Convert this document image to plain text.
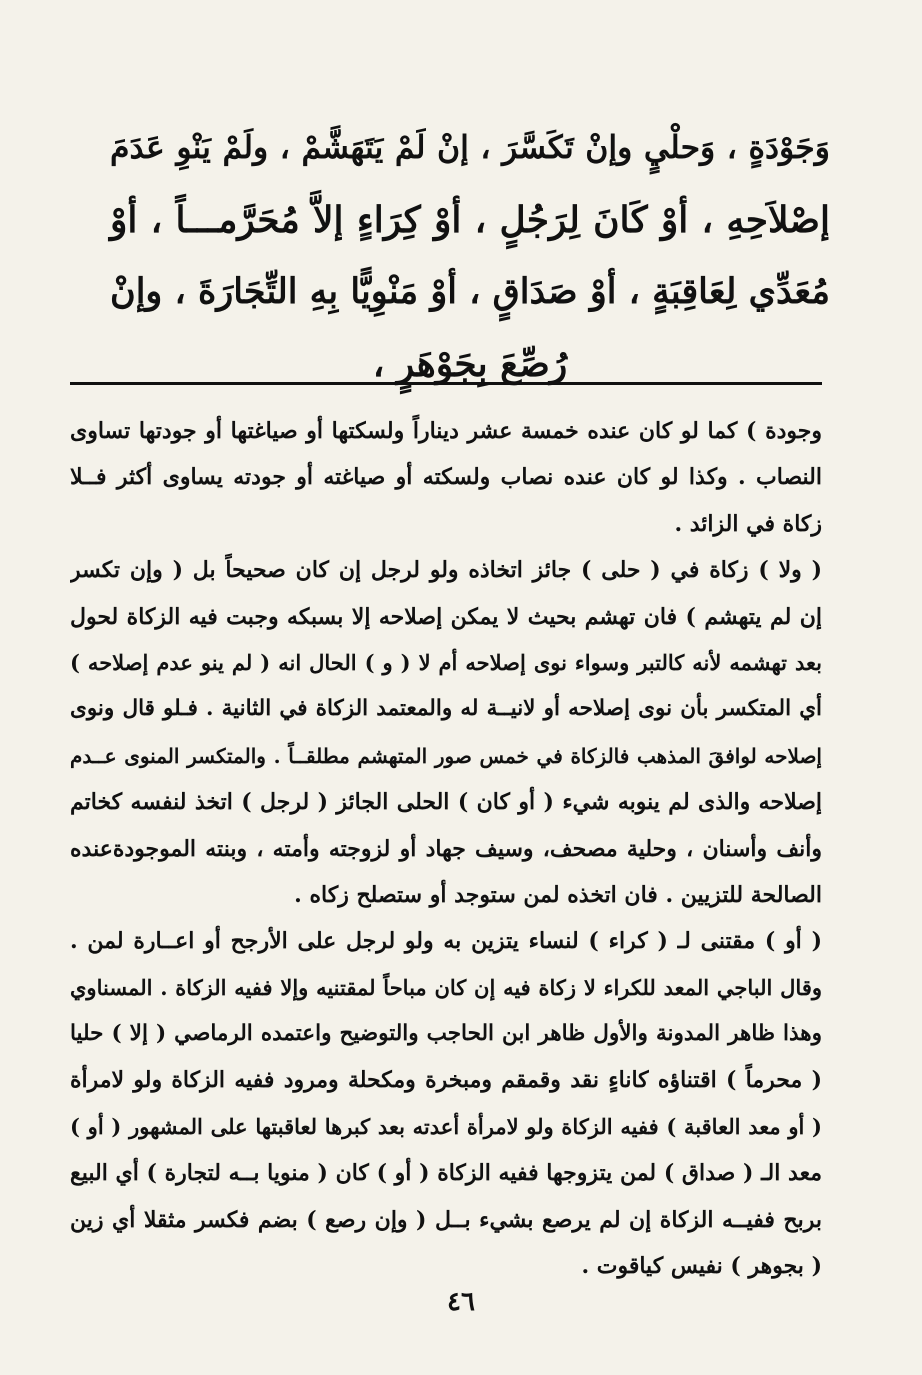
وَجَوْدَةٍ ، وَحلْيٍ وإنْ تَكَسَّرَ ، إنْ لَمْ يَتَهَشَّمْ ، ولَمْ يَنْوِ عَدَمَ
إصْلاَحِهِ ، أوْ كَانَ لِرَجُلٍ ، أوْ كِرَاءٍ إلاَّ مُحَرَّمـــاً ، أوْ
مُعَدِّي لِعَاقِبَةٍ ، أوْ صَدَاقٍ ، أوْ مَنْوِيًّا بِهِ التِّجَارَةَ ، وإنْ
رُصِّعَ بِجَوْهَرٍ ،
وجودة ) كما لو كان عنده خمسة عشر ديناراً ولسكتها أو صياغتها أو جودتها تساوى
النصاب . وكذا لو كان عنده نصاب ولسكته أو صياغته أو جودته يساوى أكثر فــلا
زكاة في الزائد .
( ولا ) زكاة في ( حلى ) جائز اتخاذه ولو لرجل إن كان صحيحاً بل ( وإن تكسر
إن لم يتهشم ) فان تهشم بحيث لا يمكن إصلاحه إلا بسبكه وجبت فيه الزكاة لحول
بعد تهشمه لأنه كالتبر وسواء نوى إصلاحه أم لا ( و ) الحال انه ( لم ينو عدم إصلاحه )
أي المتكسر بأن نوى إصلاحه أو لانيــة له والمعتمد الزكاة في الثانية . فـلو قال ونوى
إصلاحه لوافقَ المذهب فالزكاة في خمس صور المتهشم مطلقــاً . والمتكسر المنوى عــدم
إصلاحه والذى لم ينوبه شيء ( أو كان ) الحلى الجائز ( لرجل ) اتخذ لنفسه كخاتم
وأنف وأسنان ، وحلية مصحف، وسيف جهاد أو لزوجته وأمته ، وبنته الموجودةعنده
الصالحة للتزيين . فان اتخذه لمن ستوجد أو ستصلح زكاه .
( أو ) مقتنى لـ ( كراء ) لنساء يتزين به ولو لرجل على الأرجح أو اعــارة لمن .
وقال الباجي المعد للكراء لا زكاة فيه إن كان مباحاً لمقتنيه وإلا ففيه الزكاة . المسناوي
وهذا ظاهر المدونة والأول ظاهر ابن الحاجب والتوضيح واعتمده الرماصي ( إلا ) حليا
( محرماً ) اقتناؤه كاناءٍ نقد وقمقم ومبخرة ومكحلة ومرود ففيه الزكاة ولو لامرأة
( أو معد العاقبة ) ففيه الزكاة ولو لامرأة أعدته بعد كبرها لعاقبتها على المشهور ( أو )
معد الـ ( صداق ) لمن يتزوجها ففيه الزكاة ( أو ) كان ( منويا بــه لتجارة ) أي البيع
بربح ففيــه الزكاة إن لم يرصع بشيء بــل ( وإن رصع ) بضم فكسر مثقلا أي زين
( بجوهر ) نفيس كياقوت .
٤٦
